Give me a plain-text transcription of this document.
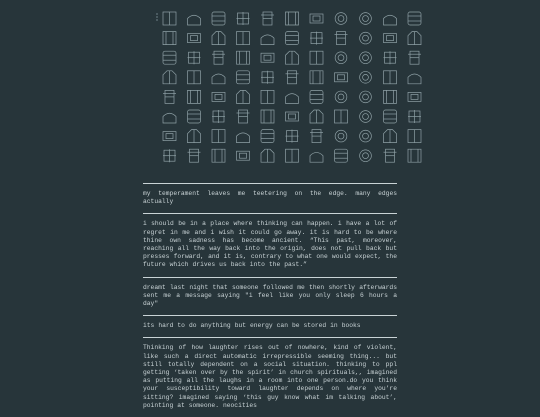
my temperament leaves me teetering on the edge. many edges actually
i should be in a place where thinking can happen. i have a lot of regret in me and i wish it could go away. it is hard to be where thine own sadness has become ancient. “This past, moreover, reaching all the way back into the origin, does not pull back but presses forward, and it is, contrary to what one would expect, the future which drives us back into the past.”
dreamt last night that someone followed me then shortly afterwards sent me a message saying "i feel like you only sleep 6 hours a day"
its hard to do anything but energy can be stored in books
Thinking of how laughter rises out of nowhere, kind of violent, like such a direct automatic irrepressible seeming thing... but still totally dependent on a social situation. thinking to ppl getting ‘taken over by the spirit’ in church spirituals,, imagined as putting all the laughs in a room into one person.do you think your susceptibility toward laughter depends on where you’re sitting? imagined saying ‘this guy know what im talking about’, pointing at someone. neocities
